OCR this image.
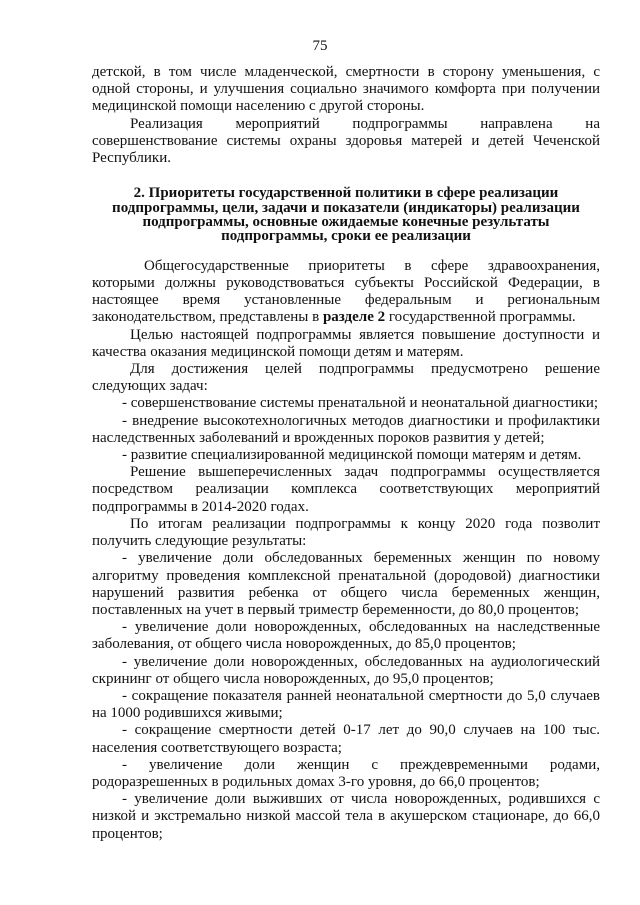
75

детской, в том числе младенческой, смертности в сторону уменьшения, с одной стороны, и улучшения социально значимого комфорта при получении медицинской помощи населению с другой стороны.

Реализация мероприятий подпрограммы направлена на совершенствование системы охраны здоровья матерей и детей Чеченской Республики.

2. Приоритеты государственной политики в сфере реализации подпрограммы, цели, задачи и показатели (индикаторы) реализации подпрограммы, основные ожидаемые конечные результаты подпрограммы, сроки ее реализации

Общегосударственные приоритеты в сфере здравоохранения, которыми должны руководствоваться субъекты Российской Федерации, в настоящее время установленные федеральным и региональным законодательством, представлены в разделе 2 государственной программы.

Целью настоящей подпрограммы является повышение доступности и качества оказания медицинской помощи детям и матерям.

Для достижения целей подпрограммы предусмотрено решение следующих задач:

- совершенствование системы пренатальной и неонатальной диагностики;

- внедрение высокотехнологичных методов диагностики и профилактики наследственных заболеваний и врожденных пороков развития у детей;

- развитие специализированной медицинской помощи матерям и детям.

Решение вышеперечисленных задач подпрограммы осуществляется посредством реализации комплекса соответствующих мероприятий подпрограммы в 2014-2020 годах.

По итогам реализации подпрограммы к концу 2020 года позволит получить следующие результаты:

- увеличение доли обследованных беременных женщин по новому алгоритму проведения комплексной пренатальной (дородовой) диагностики нарушений развития ребенка от общего числа беременных женщин, поставленных на учет в первый триместр беременности, до 80,0 процентов;

- увеличение доли новорожденных, обследованных на наследственные заболевания, от общего числа новорожденных, до 85,0 процентов;

- увеличение доли новорожденных, обследованных на аудиологический скрининг от общего числа новорожденных, до 95,0 процентов;

- сокращение показателя ранней неонатальной смертности до 5,0 случаев на 1000 родившихся живыми;

- сокращение смертности детей 0-17 лет до 90,0 случаев на 100 тыс. населения соответствующего возраста;

- увеличение доли женщин с преждевременными родами, родоразрешенных в родильных домах 3-го уровня, до 66,0 процентов;

- увеличение доли выживших от числа новорожденных, родившихся с низкой и экстремально низкой массой тела в акушерском стационаре, до 66,0 процентов;
